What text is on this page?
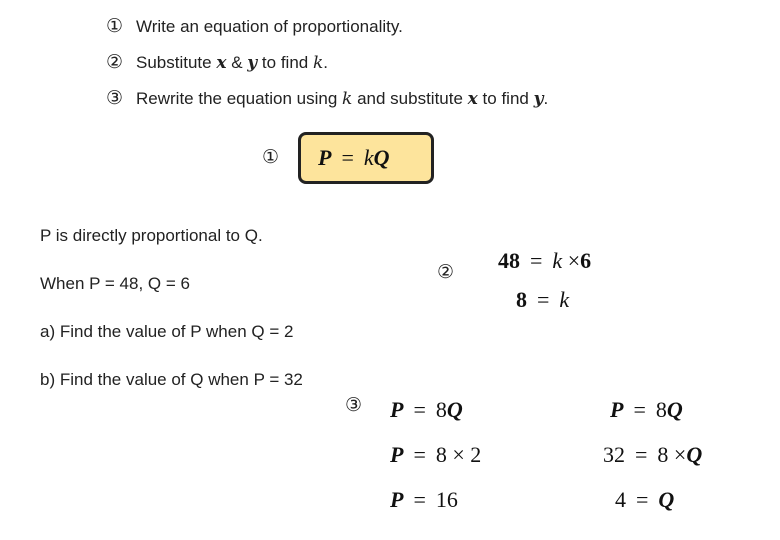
① Write an equation of proportionality.
② Substitute x & y to find k.
③ Rewrite the equation using k and substitute x to find y.
① P = kQ
P is directly proportional to Q.
When P = 48, Q = 6
a) Find the value of P when Q = 2
b) Find the value of Q when P = 32
② 48 = k ×6
8 = k
③ P = 8Q
P = 8 × 2
P = 16
P = 8Q
32 = 8 ×Q
4 = Q
